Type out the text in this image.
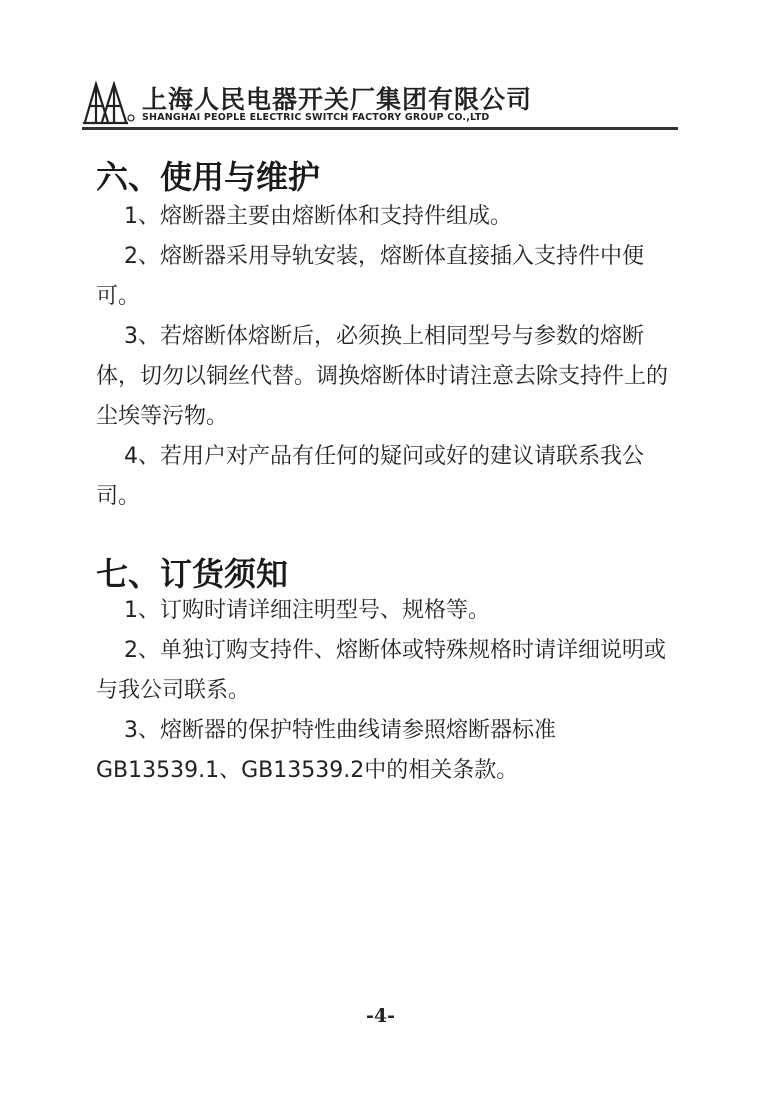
上海人民电器开关厂集团有限公司
SHANGHAI PEOPLE ELECTRIC SWITCH FACTORY GROUP CO.,LTD
六、使用与维护

1、熔断器主要由熔断体和支持件组成。

2、熔断器采用导轨安装，熔断体直接插入支持件中便可。

3、若熔断体熔断后，必须换上相同型号与参数的熔断体，切勿以铜丝代替。调换熔断体时请注意去除支持件上的尘埃等污物。

4、若用户对产品有任何的疑问或好的建议请联系我公司。

七、订货须知

1、订购时请详细注明型号、规格等。

2、单独订购支持件、熔断体或特殊规格时请详细说明或与我公司联系。

3、熔断器的保护特性曲线请参照熔断器标准GB13539.1、GB13539.2中的相关条款。

-4-
